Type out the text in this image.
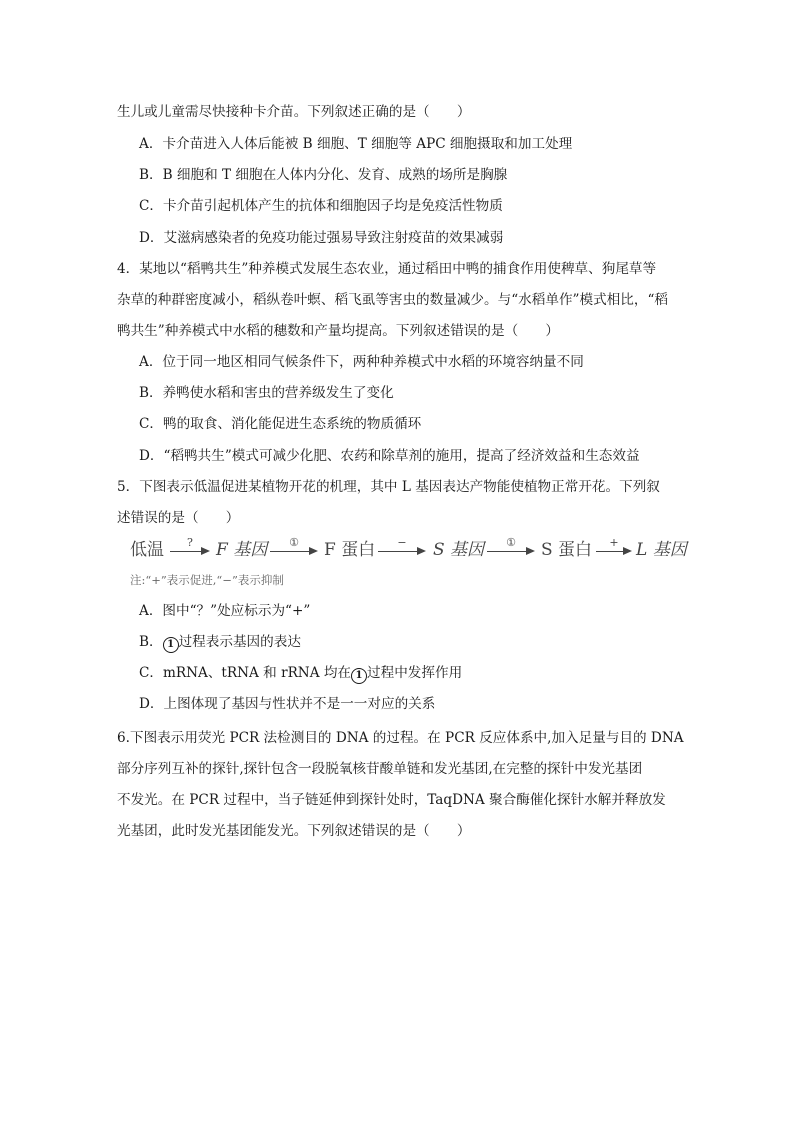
生儿或儿童需尽快接种卡介苗。下列叙述正确的是（　　）
A．卡介苗进入人体后能被 B 细胞、T 细胞等 APC 细胞摄取和加工处理
B．B 细胞和 T 细胞在人体内分化、发育、成熟的场所是胸腺
C．卡介苗引起机体产生的抗体和细胞因子均是免疫活性物质
D．艾滋病感染者的免疫功能过强易导致注射疫苗的效果减弱
4．某地以“稻鸭共生”种养模式发展生态农业，通过稻田中鸭的捕食作用使稗草、狗尾草等
杂草的种群密度减小，稻纵卷叶螟、稻飞虱等害虫的数量减少。与“水稻单作”模式相比，“稻
鸭共生”种养模式中水稻的穗数和产量均提高。下列叙述错误的是（　　）
A．位于同一地区相同气候条件下，两种种养模式中水稻的环境容纳量不同
B．养鸭使水稻和害虫的营养级发生了变化
C．鸭的取食、消化能促进生态系统的物质循环
D．“稻鸭共生”模式可减少化肥、农药和除草剂的施用，提高了经济效益和生态效益
5．下图表示低温促进某植物开花的机理，其中 L 基因表达产物能使植物正常开花。下列叙
述错误的是（　　）
低温	?	F 基因	①	F 蛋白	−	S 基因	①	S 蛋白	+	L 基因
注:“+”表示促进,“−”表示抑制
A．图中“？”处应标示为“+”
B． 1 过程表示基因的表达
C．mRNA、tRNA 和 rRNA 均在 1 过程中发挥作用
D．上图体现了基因与性状并不是一一对应的关系
6.下图表示用荧光 PCR 法检测目的 DNA 的过程。在 PCR 反应体系中,加入足量与目的 DNA
部分序列互补的探针,探针包含一段脱氧核苷酸单链和发光基团,在完整的探针中发光基团
不发光。在 PCR 过程中，当子链延伸到探针处时，TaqDNA 聚合酶催化探针水解并释放发
光基团，此时发光基团能发光。下列叙述错误的是（　　）
